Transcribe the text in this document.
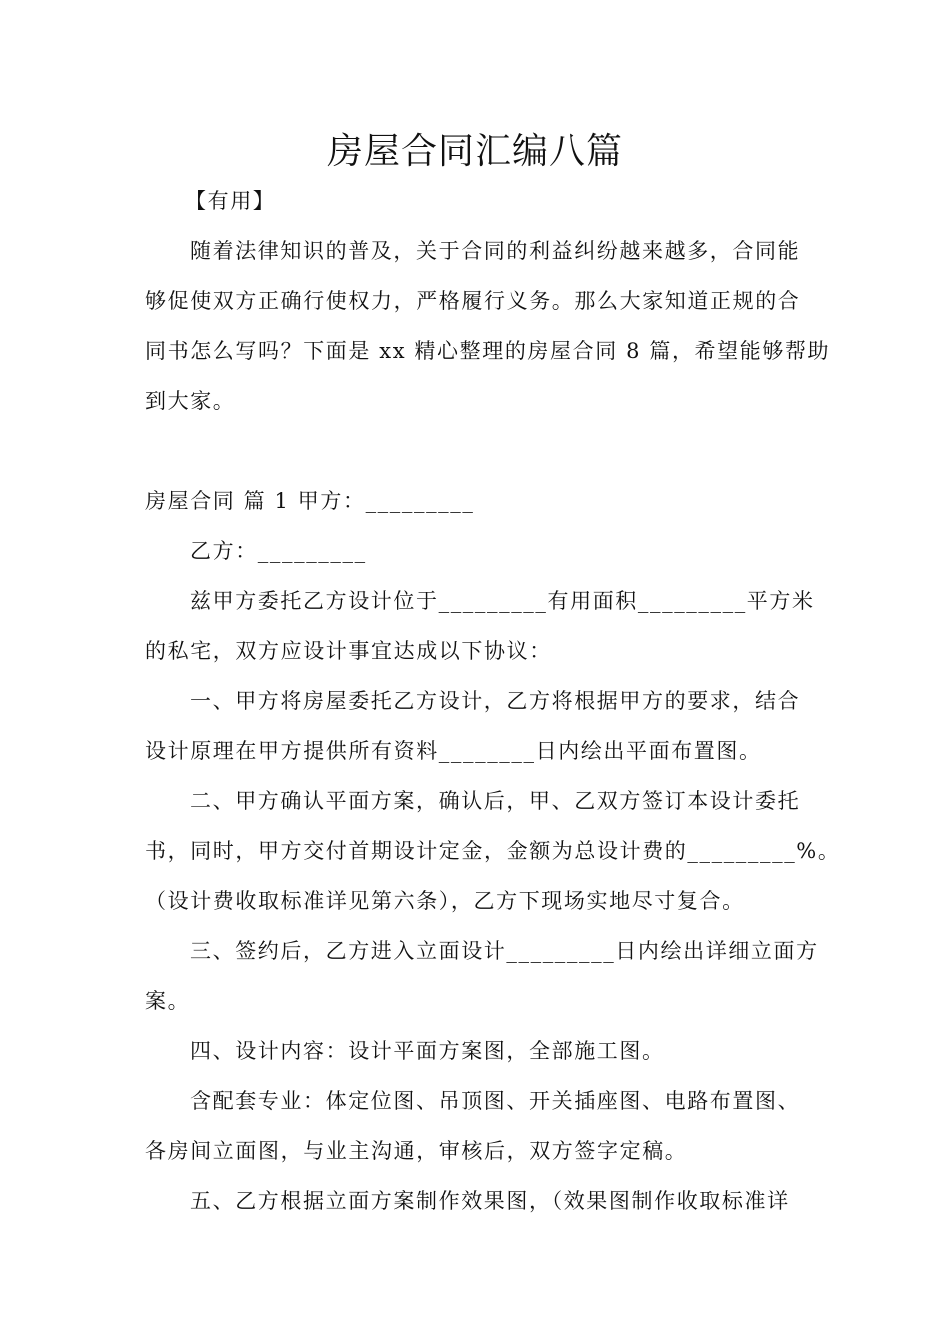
房屋合同汇编八篇
【有用】
随着法律知识的普及，关于合同的利益纠纷越来越多，合同能
够促使双方正确行使权力，严格履行义务。那么大家知道正规的合
同书怎么写吗？下面是 xx 精心整理的房屋合同 8 篇，希望能够帮助
到大家。
房屋合同 篇 1 甲方：_________
乙方：_________
兹甲方委托乙方设计位于_________有用面积_________平方米
的私宅，双方应设计事宜达成以下协议：
一、甲方将房屋委托乙方设计，乙方将根据甲方的要求，结合
设计原理在甲方提供所有资料________日内绘出平面布置图。
二、甲方确认平面方案，确认后，甲、乙双方签订本设计委托
书，同时，甲方交付首期设计定金，金额为总设计费的_________%。
（设计费收取标准详见第六条），乙方下现场实地尽寸复合。
三、签约后，乙方进入立面设计_________日内绘出详细立面方
案。
四、设计内容：设计平面方案图，全部施工图。
含配套专业：体定位图、吊顶图、开关插座图、电路布置图、
各房间立面图，与业主沟通，审核后，双方签字定稿。
五、乙方根据立面方案制作效果图，（效果图制作收取标准详
